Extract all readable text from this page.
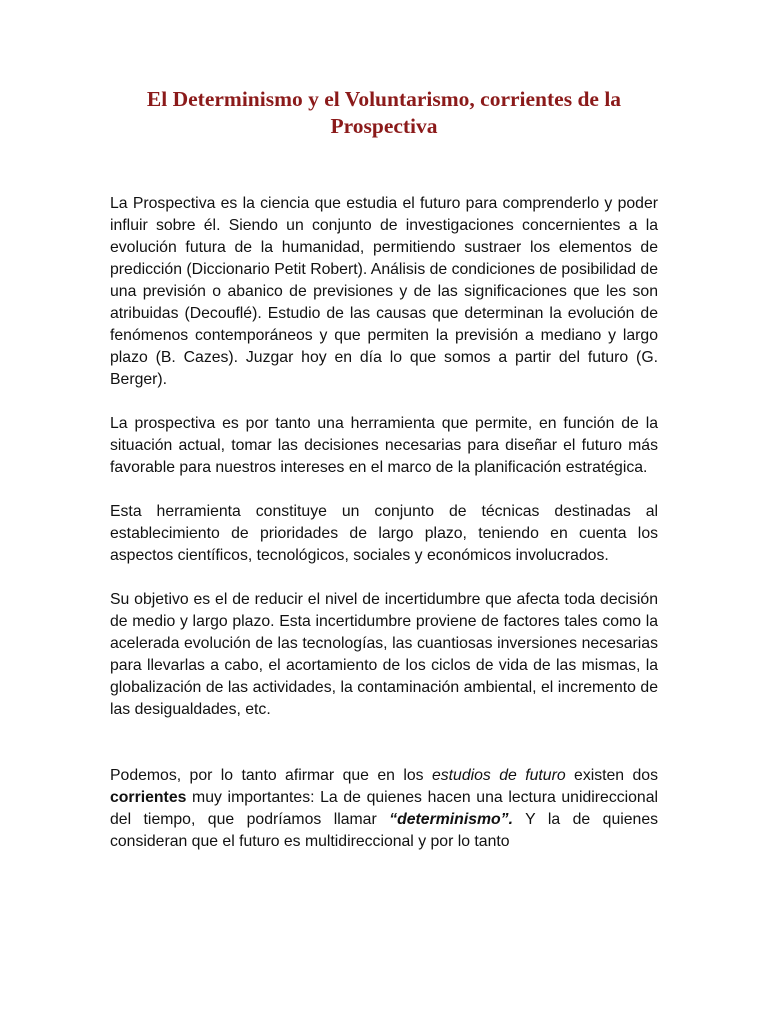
El Determinismo y el Voluntarismo, corrientes de la Prospectiva

La Prospectiva es la ciencia que estudia el futuro para comprenderlo y poder influir sobre él. Siendo un conjunto de investigaciones concernientes a la evolución futura de la humanidad, permitiendo sustraer los elementos de predicción (Diccionario Petit Robert). Análisis de condiciones de posibilidad de una previsión o abanico de previsiones y de las significaciones que les son atribuidas (Decouflé). Estudio de las causas que determinan la evolución de fenómenos contemporáneos y que permiten la previsión a mediano y largo plazo (B. Cazes). Juzgar hoy en día lo que somos a partir del futuro (G. Berger).

La prospectiva es por tanto una herramienta que permite, en función de la situación actual, tomar las decisiones necesarias para diseñar el futuro más favorable para nuestros intereses en el marco de la planificación estratégica.

Esta herramienta constituye un conjunto de técnicas destinadas al establecimiento de prioridades de largo plazo, teniendo en cuenta los aspectos científicos, tecnológicos, sociales y económicos involucrados.

Su objetivo es el de reducir el nivel de incertidumbre que afecta toda decisión de medio y largo plazo. Esta incertidumbre proviene de factores tales como la acelerada evolución de las tecnologías, las cuantiosas inversiones necesarias para llevarlas a cabo, el acortamiento de los ciclos de vida de las mismas, la globalización de las actividades, la contaminación ambiental, el incremento de las desigualdades, etc.

Podemos, por lo tanto afirmar que en los estudios de futuro existen dos corrientes muy importantes: La de quienes hacen una lectura unidireccional del tiempo, que podríamos llamar “determinismo”. Y la de quienes consideran que el futuro es multidireccional y por lo tanto
